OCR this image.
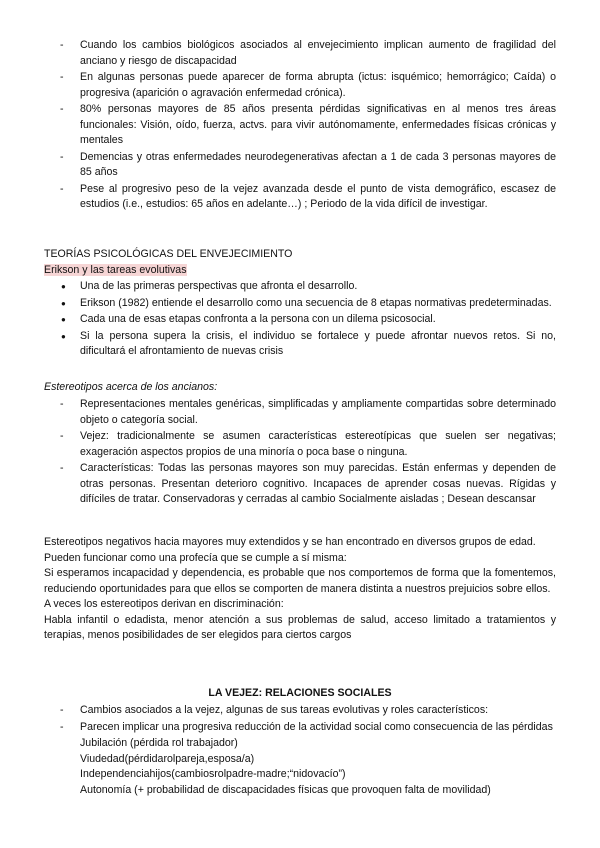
- Cuando los cambios biológicos asociados al envejecimiento implican aumento de fragilidad del anciano y riesgo de discapacidad
- En algunas personas puede aparecer de forma abrupta (ictus: isquémico; hemorrágico; Caída) o progresiva (aparición o agravación enfermedad crónica).
- 80% personas mayores de 85 años presenta pérdidas significativas en al menos tres áreas funcionales: Visión, oído, fuerza, actvs. para vivir autónomamente, enfermedades físicas crónicas y mentales
- Demencias y otras enfermedades neurodegenerativas afectan a 1 de cada 3 personas mayores de 85 años
- Pese al progresivo peso de la vejez avanzada desde el punto de vista demográfico, escasez de estudios (i.e., estudios: 65 años en adelante…) ; Periodo de la vida difícil de investigar.
TEORÍAS PSICOLÓGICAS DEL ENVEJECIMIENTO
Erikson y las tareas evolutivas
● Una de las primeras perspectivas que afronta el desarrollo.
● Erikson (1982) entiende el desarrollo como una secuencia de 8 etapas normativas predeterminadas.
● Cada una de esas etapas confronta a la persona con un dilema psicosocial.
● Si la persona supera la crisis, el individuo se fortalece y puede afrontar nuevos retos. Si no, dificultará el afrontamiento de nuevas crisis
Estereotipos acerca de los ancianos:
- Representaciones mentales genéricas, simplificadas y ampliamente compartidas sobre determinado objeto o categoría social.
- Vejez: tradicionalmente se asumen características estereotípicas que suelen ser negativas; exageración aspectos propios de una minoría o poca base o ninguna.
- Características: Todas las personas mayores son muy parecidas. Están enfermas y dependen de otras personas. Presentan deterioro cognitivo. Incapaces de aprender cosas nuevas. Rígidas y difíciles de tratar. Conservadoras y cerradas al cambio Socialmente aisladas ; Desean descansar
Estereotipos negativos hacia mayores muy extendidos y se han encontrado en diversos grupos de edad.
Pueden funcionar como una profecía que se cumple a sí misma:
Si esperamos incapacidad y dependencia, es probable que nos comportemos de forma que la fomentemos, reduciendo oportunidades para que ellos se comporten de manera distinta a nuestros prejuicios sobre ellos.
A veces los estereotipos derivan en discriminación:
Habla infantil o edadista, menor atención a sus problemas de salud, acceso limitado a tratamientos y terapias, menos posibilidades de ser elegidos para ciertos cargos
LA VEJEZ: RELACIONES SOCIALES
- Cambios asociados a la vejez, algunas de sus tareas evolutivas y roles característicos:
- Parecen implicar una progresiva reducción de la actividad social como consecuencia de las pérdidas
Jubilación (pérdida rol trabajador)
Viudedad(pérdidarolpareja,esposa/a)
Independenciahijos(cambiosrolpadre-madre;“nidovacío”)
Autonomía (+ probabilidad de discapacidades físicas que provoquen falta de movilidad)
